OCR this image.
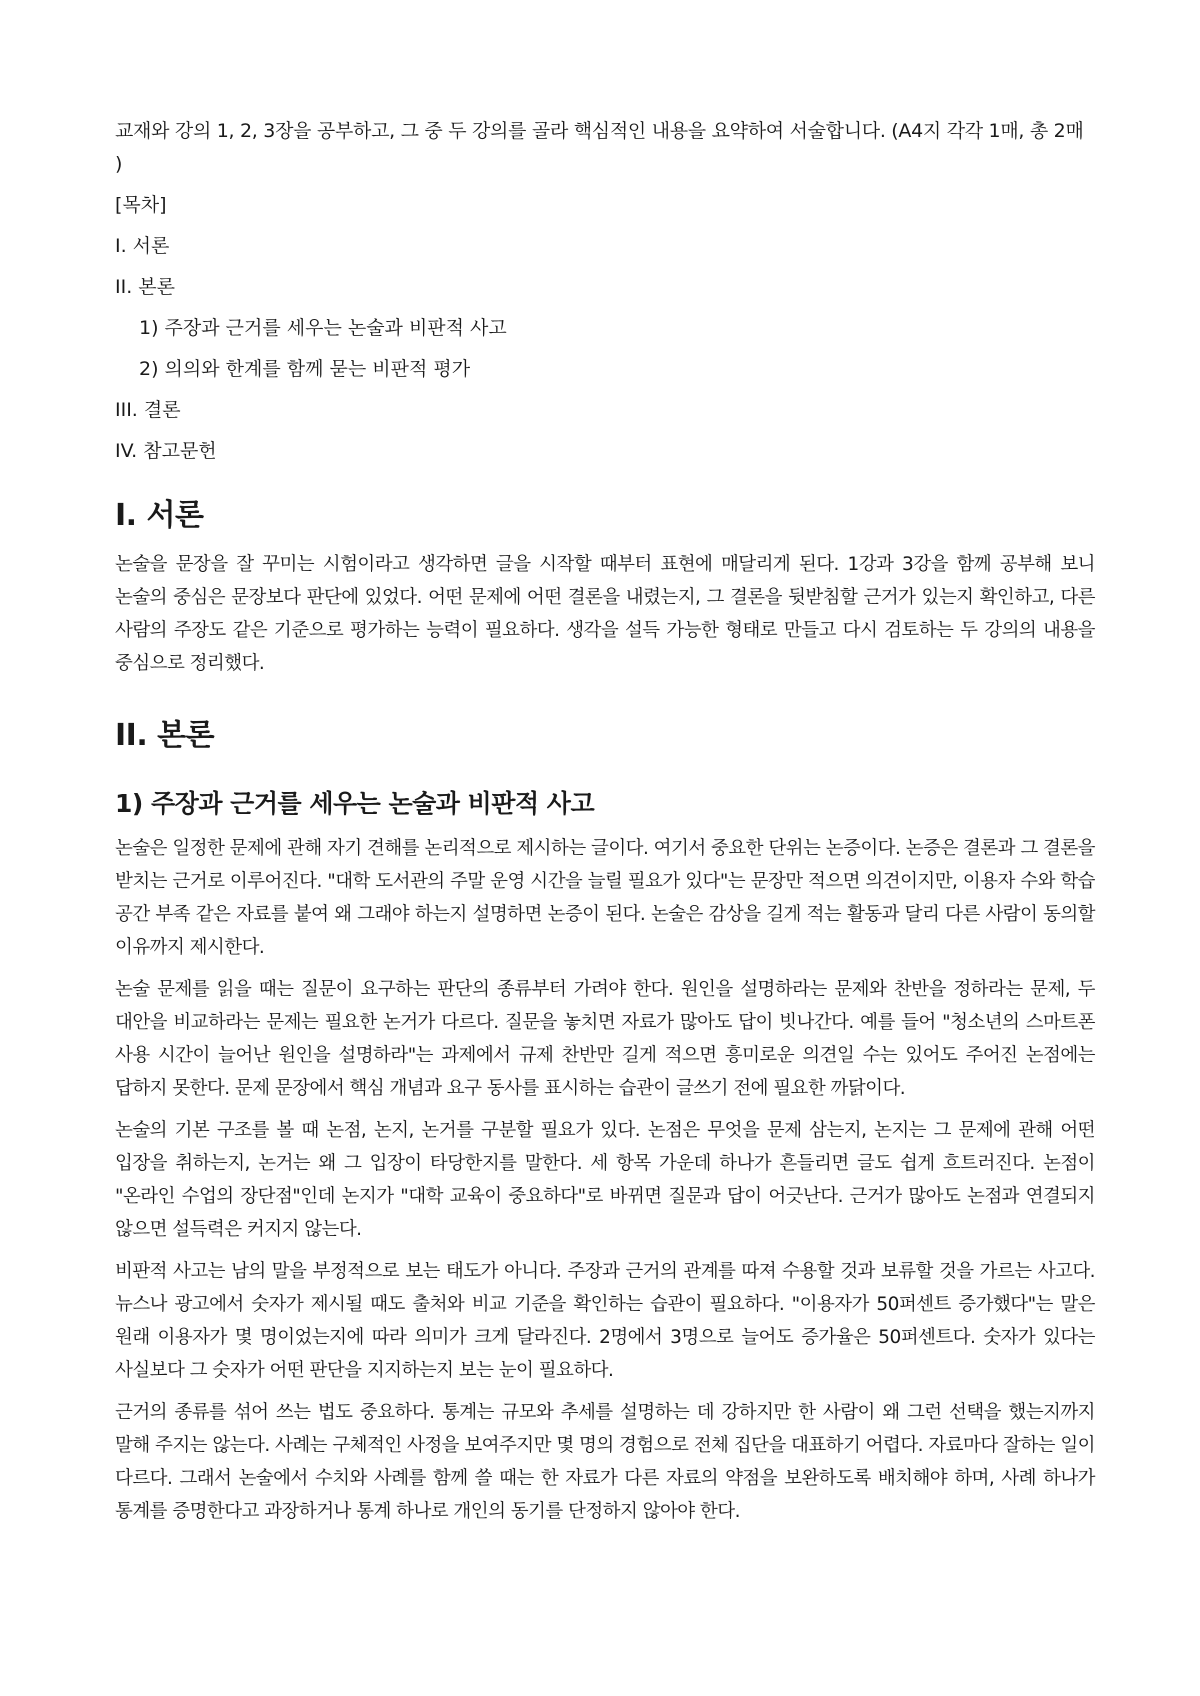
교재와 강의 1, 2, 3장을 공부하고, 그 중 두 강의를 골라 핵심적인 내용을 요약하여 서술합니다. (A4지 각각 1매, 총 2매 )

[목차]

I. 서론

II. 본론

1) 주장과 근거를 세우는 논술과 비판적 사고

2) 의의와 한계를 함께 묻는 비판적 평가

III. 결론

IV. 참고문헌

I. 서론

논술을 문장을 잘 꾸미는 시험이라고 생각하면 글을 시작할 때부터 표현에 매달리게 된다. 1강과 3강을 함께 공부해 보니 논술의 중심은 문장보다 판단에 있었다. 어떤 문제에 어떤 결론을 내렸는지, 그 결론을 뒷받침할 근거가 있는지 확인하고, 다른 사람의 주장도 같은 기준으로 평가하는 능력이 필요하다. 생각을 설득 가능한 형태로 만들고 다시 검토하는 두 강의의 내용을 중심으로 정리했다.

II. 본론
1) 주장과 근거를 세우는 논술과 비판적 사고

논술은 일정한 문제에 관해 자기 견해를 논리적으로 제시하는 글이다. 여기서 중요한 단위는 논증이다. 논증은 결론과 그 결론을 받치는 근거로 이루어진다. "대학 도서관의 주말 운영 시간을 늘릴 필요가 있다"는 문장만 적으면 의견이지만, 이용자 수와 학습 공간 부족 같은 자료를 붙여 왜 그래야 하는지 설명하면 논증이 된다. 논술은 감상을 길게 적는 활동과 달리 다른 사람이 동의할 이유까지 제시한다.

논술 문제를 읽을 때는 질문이 요구하는 판단의 종류부터 가려야 한다. 원인을 설명하라는 문제와 찬반을 정하라는 문제, 두 대안을 비교하라는 문제는 필요한 논거가 다르다. 질문을 놓치면 자료가 많아도 답이 빗나간다. 예를 들어 "청소년의 스마트폰 사용 시간이 늘어난 원인을 설명하라"는 과제에서 규제 찬반만 길게 적으면 흥미로운 의견일 수는 있어도 주어진 논점에는 답하지 못한다. 문제 문장에서 핵심 개념과 요구 동사를 표시하는 습관이 글쓰기 전에 필요한 까닭이다.

논술의 기본 구조를 볼 때 논점, 논지, 논거를 구분할 필요가 있다. 논점은 무엇을 문제 삼는지, 논지는 그 문제에 관해 어떤 입장을 취하는지, 논거는 왜 그 입장이 타당한지를 말한다. 세 항목 가운데 하나가 흔들리면 글도 쉽게 흐트러진다. 논점이 "온라인 수업의 장단점"인데 논지가 "대학 교육이 중요하다"로 바뀌면 질문과 답이 어긋난다. 근거가 많아도 논점과 연결되지 않으면 설득력은 커지지 않는다.

비판적 사고는 남의 말을 부정적으로 보는 태도가 아니다. 주장과 근거의 관계를 따져 수용할 것과 보류할 것을 가르는 사고다. 뉴스나 광고에서 숫자가 제시될 때도 출처와 비교 기준을 확인하는 습관이 필요하다. "이용자가 50퍼센트 증가했다"는 말은 원래 이용자가 몇 명이었는지에 따라 의미가 크게 달라진다. 2명에서 3명으로 늘어도 증가율은 50퍼센트다. 숫자가 있다는 사실보다 그 숫자가 어떤 판단을 지지하는지 보는 눈이 필요하다.

근거의 종류를 섞어 쓰는 법도 중요하다. 통계는 규모와 추세를 설명하는 데 강하지만 한 사람이 왜 그런 선택을 했는지까지 말해 주지는 않는다. 사례는 구체적인 사정을 보여주지만 몇 명의 경험으로 전체 집단을 대표하기 어렵다. 자료마다 잘하는 일이 다르다. 그래서 논술에서 수치와 사례를 함께 쓸 때는 한 자료가 다른 자료의 약점을 보완하도록 배치해야 하며, 사례 하나가 통계를 증명한다고 과장하거나 통계 하나로 개인의 동기를 단정하지 않아야 한다.
